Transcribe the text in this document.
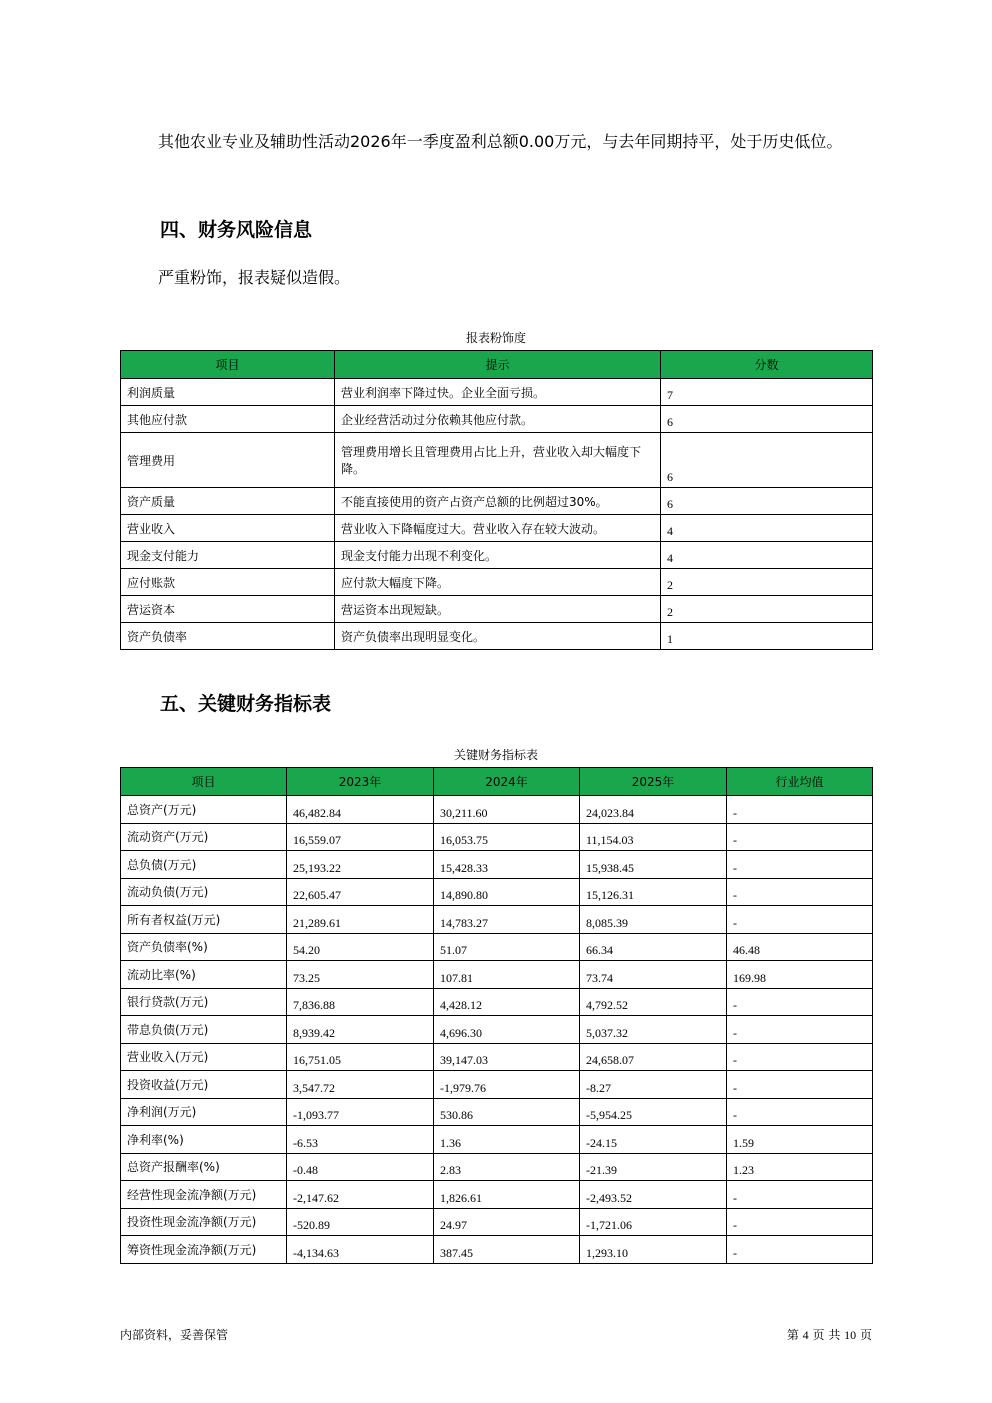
其他农业专业及辅助性活动2026年一季度盈利总额0.00万元，与去年同期持平，处于历史低位。

四、财务风险信息

严重粉饰，报表疑似造假。

报表粉饰度
项目	提示	分数
利润质量	营业利润率下降过快。企业全面亏损。	7
其他应付款	企业经营活动过分依赖其他应付款。	6
管理费用	管理费用增长且管理费用占比上升，营业收入却大幅度下降。	6
资产质量	不能直接使用的资产占资产总额的比例超过30%。	6
营业收入	营业收入下降幅度过大。营业收入存在较大波动。	4
现金支付能力	现金支付能力出现不利变化。	4
应付账款	应付款大幅度下降。	2
营运资本	营运资本出现短缺。	2
资产负债率	资产负债率出现明显变化。	1
五、关键财务指标表
关键财务指标表
项目	2023年	2024年	2025年	行业均值
总资产(万元)	46,482.84	30,211.60	24,023.84	-
流动资产(万元)	16,559.07	16,053.75	11,154.03	-
总负债(万元)	25,193.22	15,428.33	15,938.45	-
流动负债(万元)	22,605.47	14,890.80	15,126.31	-
所有者权益(万元)	21,289.61	14,783.27	8,085.39	-
资产负债率(%)	54.20	51.07	66.34	46.48
流动比率(%)	73.25	107.81	73.74	169.98
银行贷款(万元)	7,836.88	4,428.12	4,792.52	-
带息负债(万元)	8,939.42	4,696.30	5,037.32	-
营业收入(万元)	16,751.05	39,147.03	24,658.07	-
投资收益(万元)	3,547.72	-1,979.76	-8.27	-
净利润(万元)	-1,093.77	530.86	-5,954.25	-
净利率(%)	-6.53	1.36	-24.15	1.59
总资产报酬率(%)	-0.48	2.83	-21.39	1.23
经营性现金流净额(万元)	-2,147.62	1,826.61	-2,493.52	-
投资性现金流净额(万元)	-520.89	24.97	-1,721.06	-
筹资性现金流净额(万元)	-4,134.63	387.45	1,293.10	-
内部资料，妥善保管	第 4 页 共 10 页
